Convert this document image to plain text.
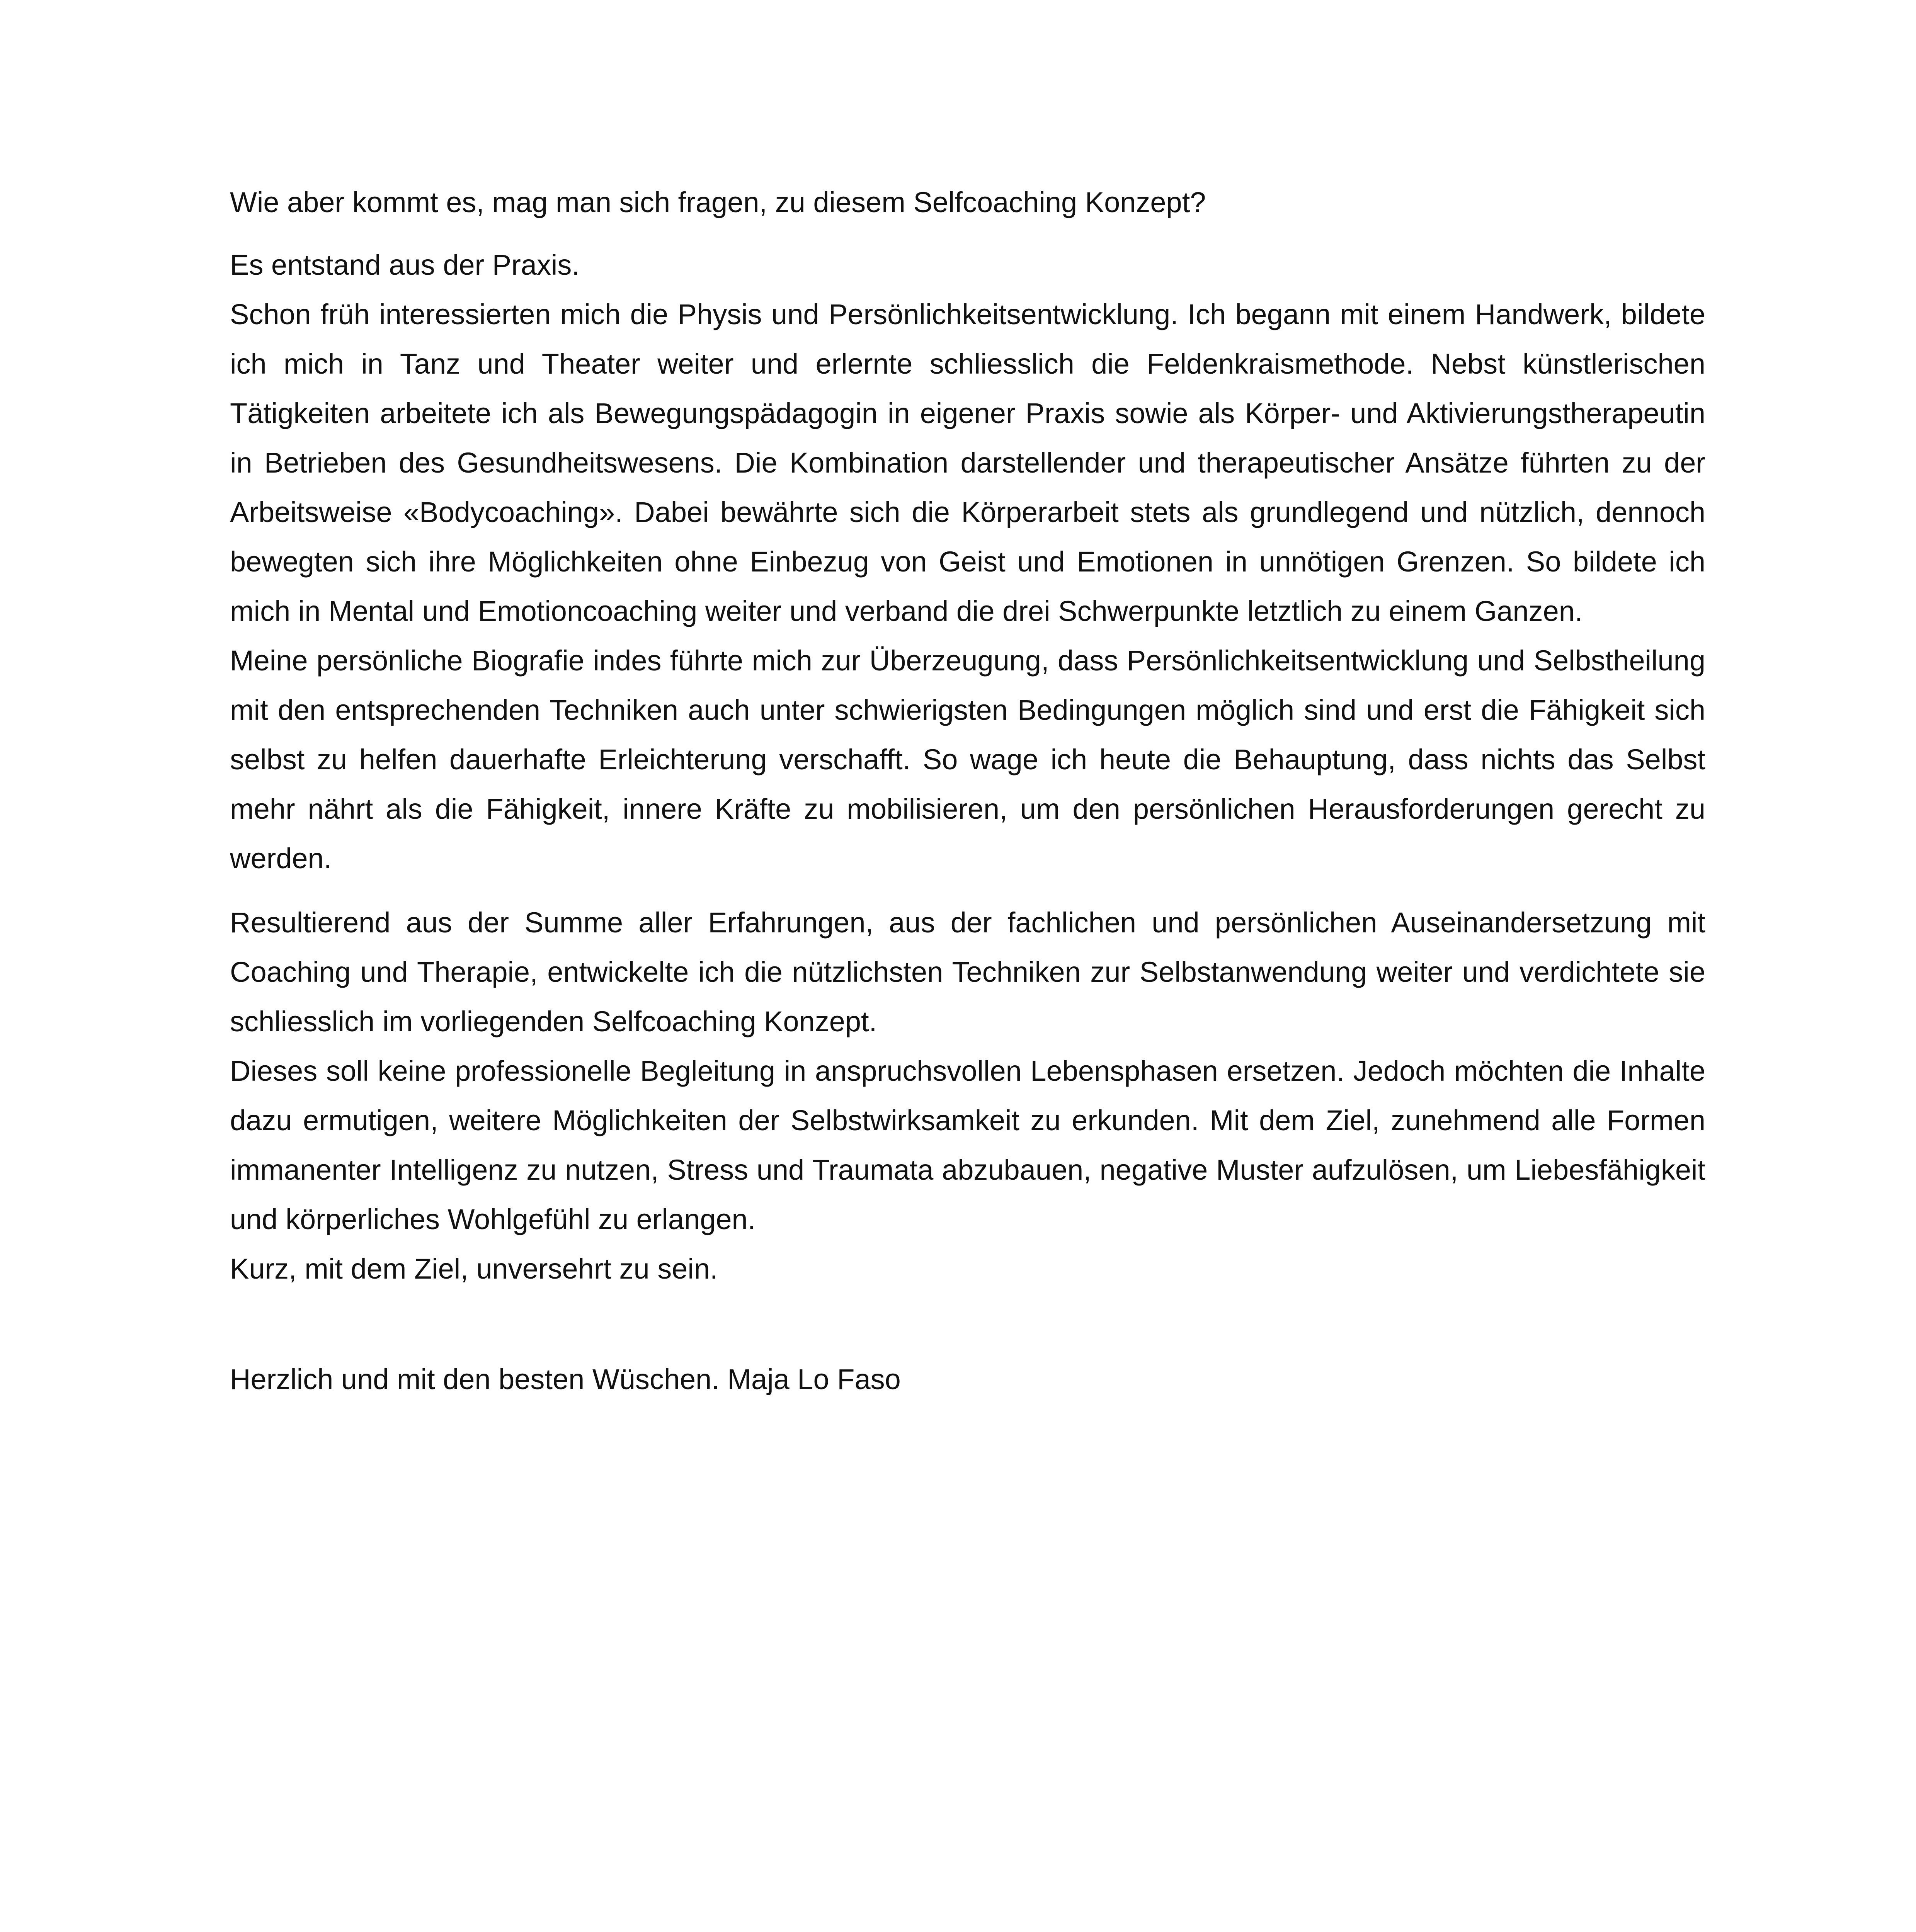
Wie aber kommt es, mag man sich fragen, zu diesem Selfcoaching Konzept?

Es entstand aus der Praxis.

Schon früh interessierten mich die Physis und Persönlichkeitsentwicklung. Ich begann mit einem Handwerk, bildete ich mich in Tanz und Theater weiter und erlernte schliesslich die Feldenkraismethode. Nebst künstlerischen Tätigkeiten arbeitete ich als Bewegungspädagogin in eigener Praxis sowie als Körper- und Aktivierungstherapeutin in Betrieben des Gesundheitswesens. Die Kombination darstellender und therapeutischer Ansätze führten zu der Arbeitsweise «Bodycoaching». Dabei bewährte sich die Körperarbeit stets als grundlegend und nützlich, dennoch bewegten sich ihre Möglichkeiten ohne Einbezug von Geist und Emotionen in unnötigen Grenzen. So bildete ich mich in Mental und Emotioncoaching weiter und verband die drei Schwerpunkte letztlich zu einem Ganzen.

Meine persönliche Biografie indes führte mich zur Überzeugung, dass Persönlichkeitsentwicklung und Selbstheilung mit den entsprechenden Techniken auch unter schwierigsten Bedingungen möglich sind und erst die Fähigkeit sich selbst zu helfen dauerhafte Erleichterung verschafft. So wage ich heute die Behauptung, dass nichts das Selbst mehr nährt als die Fähigkeit, innere Kräfte zu mobilisieren, um den persönlichen Herausforderungen gerecht zu werden.

Resultierend aus der Summe aller Erfahrungen, aus der fachlichen und persönlichen Auseinandersetzung mit Coaching und Therapie, entwickelte ich die nützlichsten Techniken zur Selbstanwendung weiter und verdichtete sie schliesslich im vorliegenden Selfcoaching Konzept.

Dieses soll keine professionelle Begleitung in anspruchsvollen Lebensphasen ersetzen. Jedoch möchten die Inhalte dazu ermutigen, weitere Möglichkeiten der Selbstwirksamkeit zu erkunden. Mit dem Ziel, zunehmend alle Formen immanenter Intelligenz zu nutzen, Stress und Traumata abzubauen, negative Muster aufzulösen, um Liebesfähigkeit und körperliches Wohlgefühl zu erlangen.

Kurz, mit dem Ziel, unversehrt zu sein.

Herzlich und mit den besten Wüschen. Maja Lo Faso
